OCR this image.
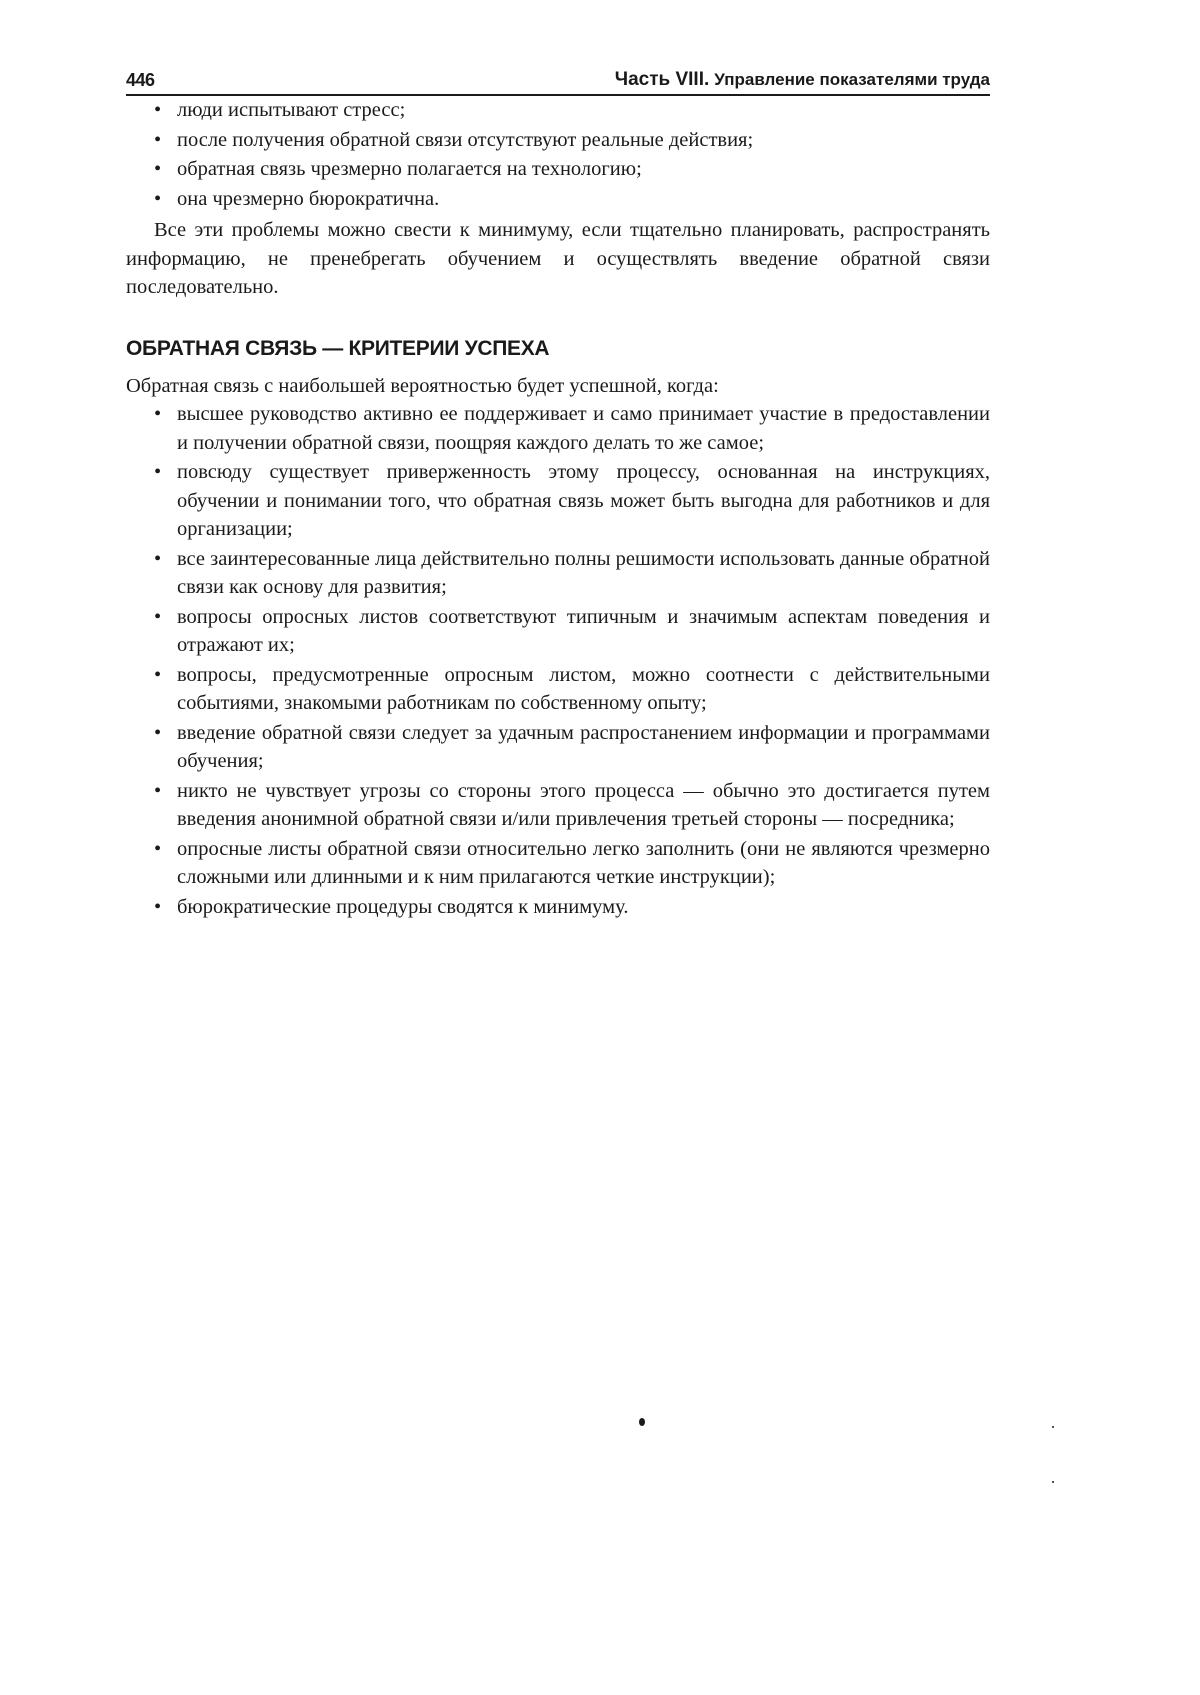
446	Часть VIII. Управление показателями труда
• люди испытывают стресс;
• после получения обратной связи отсутствуют реальные действия;
• обратная связь чрезмерно полагается на технологию;
• она чрезмерно бюрократична.

Все эти проблемы можно свести к минимуму, если тщательно планировать, распространять информацию, не пренебрегать обучением и осуществлять введение обратной связи последовательно.

ОБРАТНАЯ СВЯЗЬ — КРИТЕРИИ УСПЕХА

Обратная связь с наибольшей вероятностью будет успешной, когда:

• высшее руководство активно ее поддерживает и само принимает участие в предоставлении и получении обратной связи, поощряя каждого делать то же самое;
• повсюду существует приверженность этому процессу, основанная на инструкциях, обучении и понимании того, что обратная связь может быть выгодна для работников и для организации;
• все заинтересованные лица действительно полны решимости использовать данные обратной связи как основу для развития;
• вопросы опросных листов соответствуют типичным и значимым аспектам поведения и отражают их;
• вопросы, предусмотренные опросным листом, можно соотнести с действительными событиями, знакомыми работникам по собственному опыту;
• введение обратной связи следует за удачным распростанением информации и программами обучения;
• никто не чувствует угрозы со стороны этого процесса — обычно это достигается путем введения анонимной обратной связи и/или привлечения третьей стороны — посредника;
• опросные листы обратной связи относительно легко заполнить (они не являются чрезмерно сложными или длинными и к ним прилагаются четкие инструкции);
• бюрократические процедуры сводятся к минимуму.
